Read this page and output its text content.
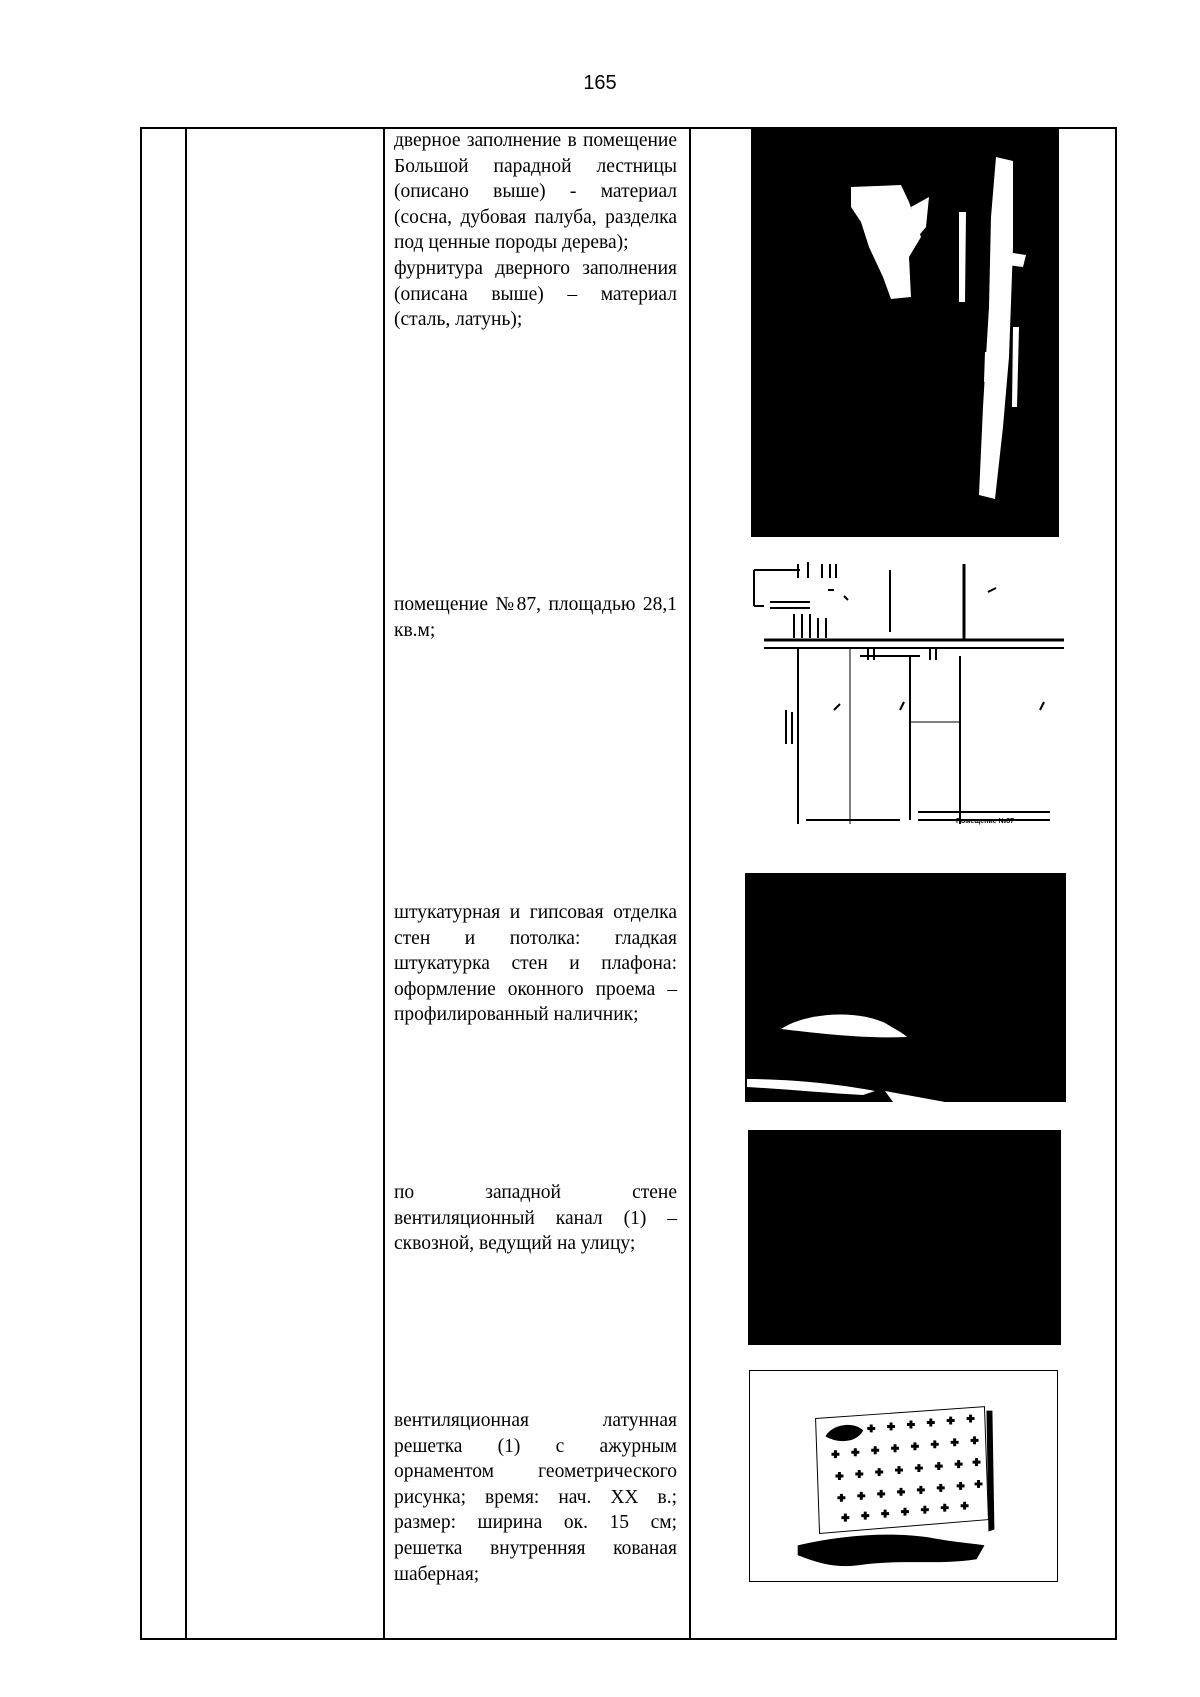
165
дверное заполнение в помещение Большой парадной лестницы (описано выше) - материал (сосна, дубовая палуба, разделка под ценные породы дерева);
фурнитура дверного заполнения (описана выше) – материал (сталь, латунь);
помещение №87, площадью 28,1 кв.м;
Помещение №87
штукатурная и гипсовая отделка стен и потолка: гладкая штукатурка стен и плафона: оформление оконного проема – профилированный наличник;
по западной стене вентиляционный канал (1) – сквозной, ведущий на улицу;
вентиляционная латунная решетка (1) с ажурным орнаментом геометрического рисунка; время: нач. XX в.; размер: ширина ок. 15 см; решетка внутренняя кованая шаберная;
